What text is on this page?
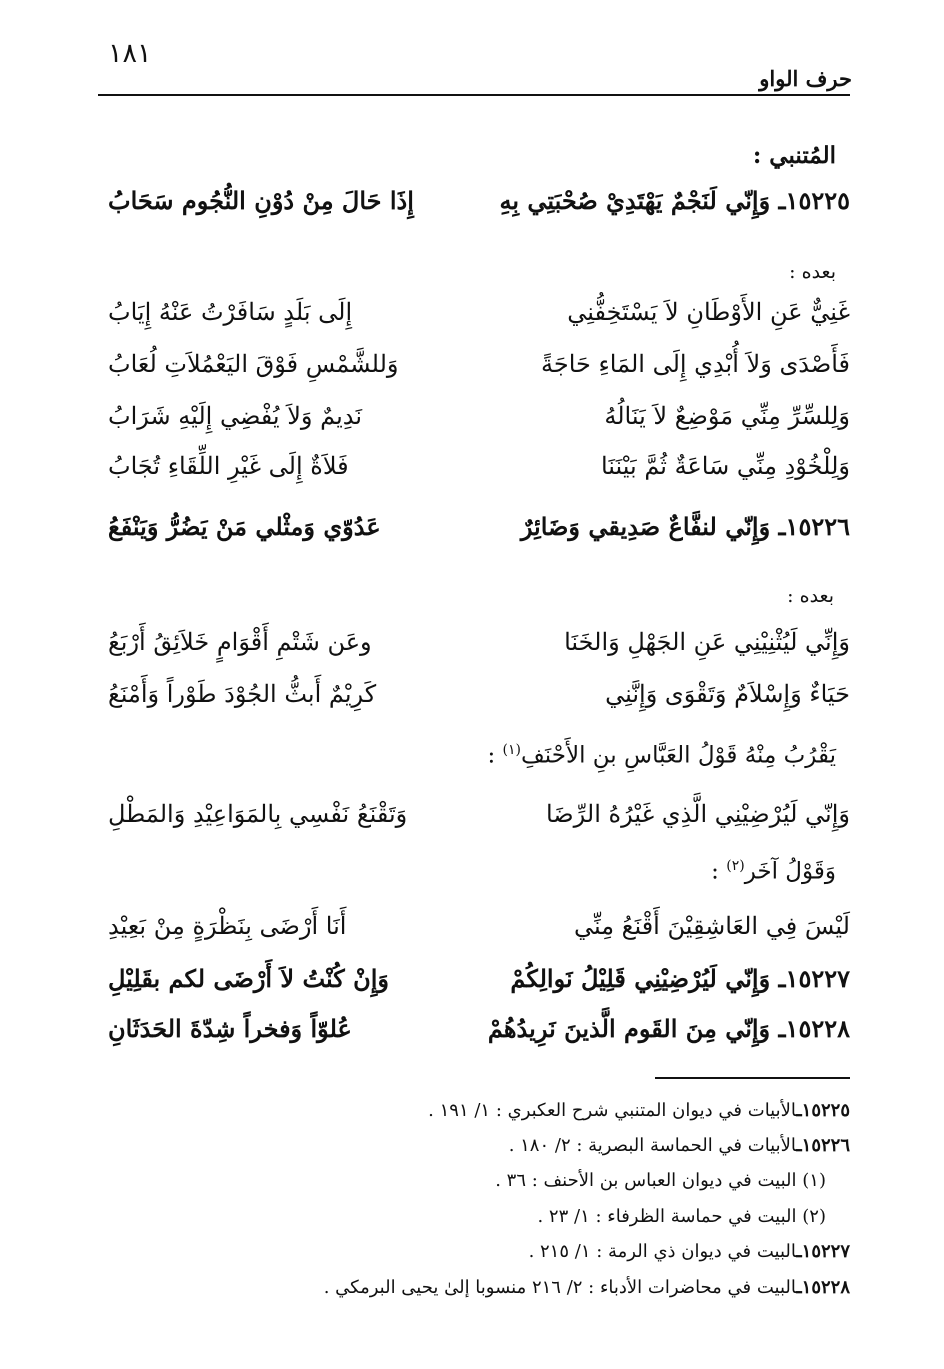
١٨١
حرف الواو
المُتنبي :
١٥٢٢٥ـ وَإِنّي لَنَجْمٌ يَهْتَدِيْ صُحْبَتِي بِهِ
إِذَا حَالَ مِنْ دُوْنِ النُّجُوم سَحَابُ
بعده :
غَنِيٌّ عَنِ الأَوْطَانِ لاَ يَسْتَخِفُّنِي
إِلَى بَلَدٍ سَافَرْتُ عَنْهُ إِيَابُ
فَأَصْدَى وَلاَ أُبْدِي إِلَى المَاءِ حَاجَةً
وَللشَّمْسِ فَوْقَ اليَعْمُلاَتِ لُعَابُ
وَلِلسِّرِّ مِنِّي مَوْضِعٌ لاَ يَنَالُهُ
نَدِيمٌ وَلاَ يُفْضِي إِلَيْهِ شَرَابُ
وَلِلْخُوْدِ مِنِّي سَاعَةٌ ثُمَّ بَيْنَنَا
فَلاَةٌ إِلَى غَيْرِ اللِّقَاءِ تُجَابُ
١٥٢٢٦ـ وَإِنّي لنفَّاعٌ صَدِيقي وَضَائِرٌ
عَدُوّي وَمثْلي مَنْ يَضُرُّ وَيَنْفَعُ
بعده :
وَإِنِّي لَيُثْنِيْنِي عَنِ الجَهْلِ وَالخَنَا
وعَن شَتْمِ أَقْوَامٍ خَلاَئِقُ أَرْبَعُ
حَيَاءٌ وَإِسْلاَمٌ وَتَقْوَى وَإِنَّنِي
كَرِيْمٌ أَبثُّ الجُوْدَ طَوْراً وَأَمْنَعُ
يَقْرُبُ مِنْهُ قَوْلُ العَبَّاسِ بنِ الأَحْنَفِ$^{(١)}$ :
وَإِنّي لَيُرْضِيْنِي الَّذِي غَيْرُهُ الرِّضَا
وَتَقْنَعُ نَفْسِي بِالمَوَاعِيْدِ وَالمَطْلِ
وَقَوْلُ آخَر$^{(٢)}$ :
لَيْسَ فِي العَاشِقِيْنَ أَقْنَعُ مِنِّي
أَنَا أَرْضَى بِنَظْرَةٍ مِنْ بَعِيْدِ
١٥٢٢٧ـ وَإِنّي لَيُرْضِيْنِي قَلِيْلُ نَوالِكُمْ
وَإِنْ كُنْتُ لاَ أَرْضَى لكم بقَلِيْلِ
١٥٢٢٨ـ وَإِنّي مِنَ القَوم الَّذينَ نَرِيدُهُمْ
عُلوّاً وَفخراً شِدّةَ الحَدَثَانِ
١٥٢٢٥ـالأبيات في ديوان المتنبي شرح العكبري : ١/ ١٩١ .
١٥٢٢٦ـالأبيات في الحماسة البصرية : ٢/ ١٨٠ .
(١) البيت في ديوان العباس بن الأحنف : ٣٦ .
(٢) البيت في حماسة الظرفاء : ١/ ٢٣ .
١٥٢٢٧ـالبيت في ديوان ذي الرمة : ١/ ٢١٥ .
١٥٢٢٨ـالبيت في محاضرات الأدباء : ٢/ ٢١٦ منسوبا إلىٰ يحيى البرمكي .
